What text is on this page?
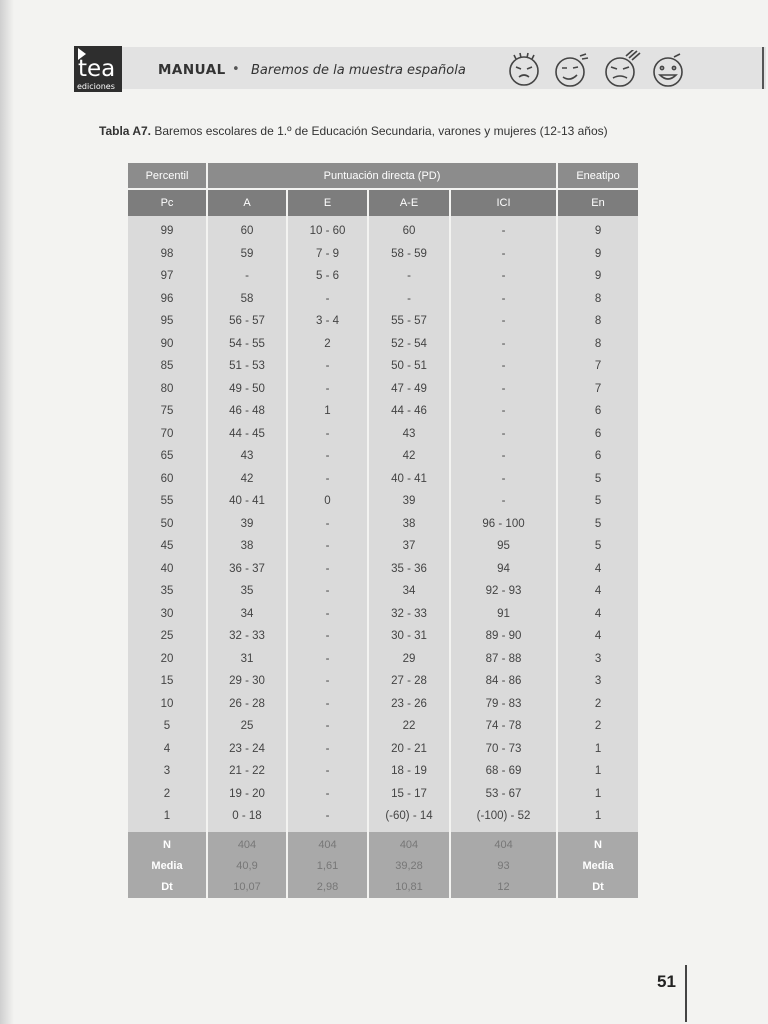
tea
ediciones
MANUAL • Baremos de la muestra española
Tabla A7. Baremos escolares de 1.º de Educación Secundaria, varones y mujeres (12-13 años)
Percentil	Puntuación directa (PD)				Eneatipo
Pc	A	E	A-E	ICI	En
99	60	10 - 60	60	-	9
98	59	7 - 9	58 - 59	-	9
97	-	5 - 6	-	-	9
96	58	-	-	-	8
95	56 - 57	3 - 4	55 - 57	-	8
90	54 - 55	2	52 - 54	-	8
85	51 - 53	-	50 - 51	-	7
80	49 - 50	-	47 - 49	-	7
75	46 - 48	1	44 - 46	-	6
70	44 - 45	-	43	-	6
65	43	-	42	-	6
60	42	-	40 - 41	-	5
55	40 - 41	0	39	-	5
50	39	-	38	96 - 100	5
45	38	-	37	95	5
40	36 - 37	-	35 - 36	94	4
35	35	-	34	92 - 93	4
30	34	-	32 - 33	91	4
25	32 - 33	-	30 - 31	89 - 90	4
20	31	-	29	87 - 88	3
15	29 - 30	-	27 - 28	84 - 86	3
10	26 - 28	-	23 - 26	79 - 83	2
5	25	-	22	74 - 78	2
4	23 - 24	-	20 - 21	70 - 73	1
3	21 - 22	-	18 - 19	68 - 69	1
2	19 - 20	-	15 - 17	53 - 67	1
1	0 - 18	-	(-60) - 14	(-100) - 52	1
N	404	404	404	404	N
Media	40,9	1,61	39,28	93	Media
Dt	10,07	2,98	10,81	12	Dt
51
